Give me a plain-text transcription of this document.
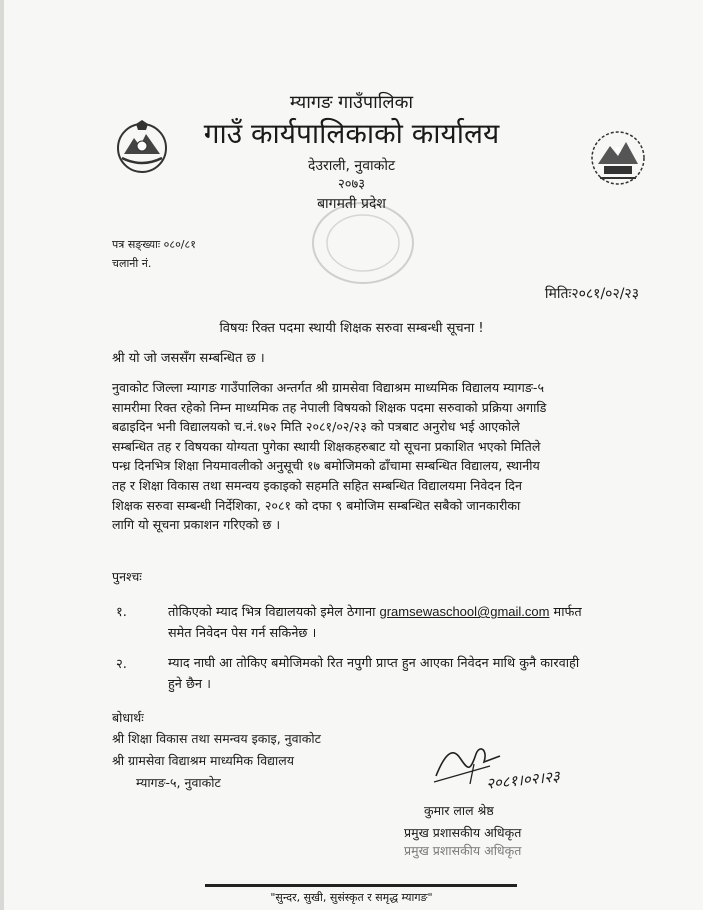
म्यागङ गाउँपालिका
गाउँ कार्यपालिकाको कार्यालय
देउराली, नुवाकोट
२०७३
बागमती प्रदेश
पत्र सङ्ख्याः ०८०/८१
चलानी नं.
मितिः२०८१/०२/२३
विषयः रिक्त पदमा स्थायी शिक्षक सरुवा सम्बन्धी सूचना !
श्री यो जो जससँग सम्बन्धित छ ।
नुवाकोट जिल्ला म्यागङ गाउँपालिका अन्तर्गत श्री ग्रामसेवा विद्याश्रम माध्यमिक विद्यालय म्यागङ-५
सामरीमा रिक्त रहेको निम्न माध्यमिक तह नेपाली विषयको शिक्षक पदमा सरुवाको प्रक्रिया अगाडि
बढाइदिन भनी विद्यालयको च.नं.१७२ मिति २०८१/०२/२३ को पत्रबाट अनुरोध भई आएकोले
सम्बन्धित तह र विषयका योग्यता पुगेका स्थायी शिक्षकहरुबाट यो सूचना प्रकाशित भएको मितिले
पन्ध्र दिनभित्र शिक्षा नियमावलीको अनुसूची १७ बमोजिमको ढाँचामा सम्बन्धित विद्यालय, स्थानीय
तह र शिक्षा विकास तथा समन्वय इकाइको सहमति सहित सम्बन्धित विद्यालयमा निवेदन दिन
शिक्षक सरुवा सम्बन्धी निर्देशिका, २०८१ को दफा ९ बमोजिम सम्बन्धित सबैको जानकारीका
लागि यो सूचना प्रकाशन गरिएको छ ।
पुनश्चः
१.	तोकिएको म्याद भित्र विद्यालयको इमेल ठेगाना gramsewaschool@gmail.com मार्फत
समेत निवेदन पेस गर्न सकिनेछ ।
२.	म्याद नाघी आ तोकिए बमोजिमको रित नपुगी प्राप्त हुन आएका निवेदन माथि कुनै कारवाही
हुने छैन ।
बोधार्थः
श्री शिक्षा विकास तथा समन्वय इकाइ, नुवाकोट
श्री ग्रामसेवा विद्याश्रम माध्यमिक विद्यालय
म्यागङ-५, नुवाकोट	२०८१।०२।२३
कुमार लाल श्रेष्ठ
प्रमुख प्रशासकीय अधिकृत
प्रमुख प्रशासकीय अधिकृत
"सुन्दर, सुखी, सुसंस्कृत र समृद्ध म्यागङ"
